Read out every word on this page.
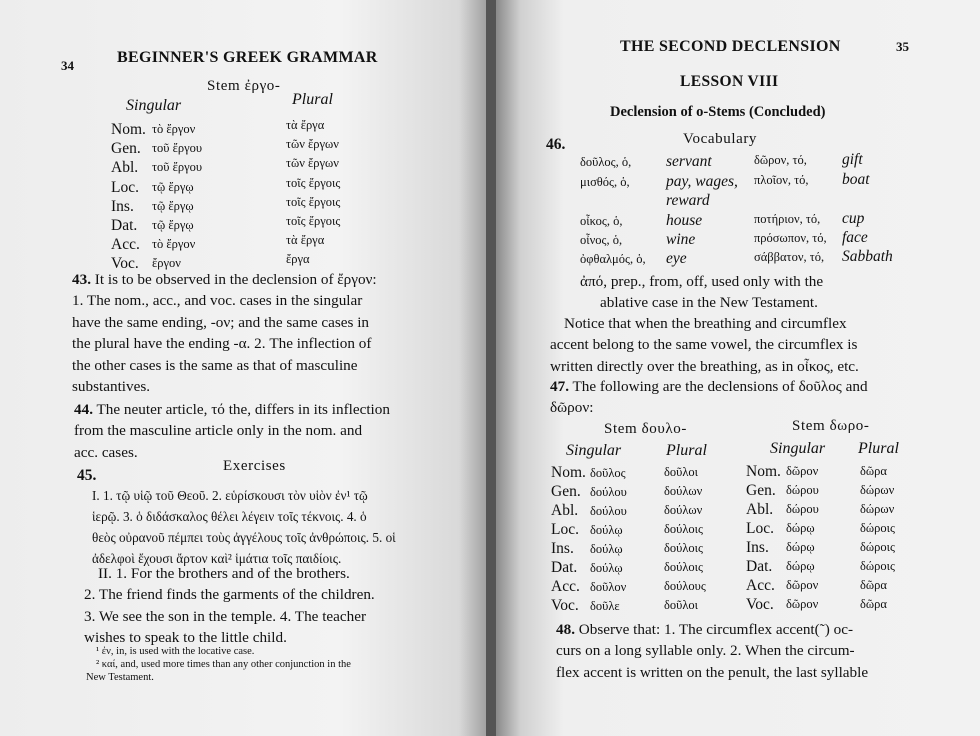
34	BEGINNER'S GREEK GRAMMAR
Stem ἐργο-
Singular	Plural
Nom. τὸ ἔργον	τὰ ἔργα
Gen. τοῦ ἔργου	τῶν ἔργων
Abl. τοῦ ἔργου	τῶν ἔργων
Loc. τῷ ἔργῳ	τοῖς ἔργοις
Ins. τῷ ἔργῳ	τοῖς ἔργοις
Dat. τῷ ἔργῳ	τοῖς ἔργοις
Acc. τὸ ἔργον	τὰ ἔργα
Voc. ἔργον	ἔργα
43. It is to be observed in the declension of ἔργον:
1. The nom., acc., and voc. cases in the singular
have the same ending, -ον; and the same cases in
the plural have the ending -α. 2. The inflection of
the other cases is the same as that of masculine
substantives.
44. The neuter article, τό the, differs in its inflection
from the masculine article only in the nom. and
acc. cases.
45.
Exercises
I. 1. τῷ υἱῷ τοῦ Θεοῦ. 2. εὑρίσκουσι τὸν υἱὸν ἐν¹ τῷ
ἱερῷ. 3. ὁ διδάσκαλος θέλει λέγειν τοῖς τέκνοις. 4. ὁ
θεὸς οὐρανοῦ πέμπει τοὺς ἀγγέλους τοῖς ἀνθρώποις. 5. οἱ
ἀδελφοὶ ἔχουσι ἄρτον καὶ² ἱμάτια τοῖς παιδίοις.
II. 1. For the brothers and of the brothers.
2. The friend finds the garments of the children.
3. We see the son in the temple. 4. The teacher
wishes to speak to the little child.
¹ ἐν, in, is used with the locative case.
² καί, and, used more times than any other conjunction in the
New Testament.
THE SECOND DECLENSION	35
LESSON VIII
Declension of o-Stems (Concluded)
46.	Vocabulary
δοῦλος, ὁ, servant	δῶρον, τό, gift
μισθός, ὁ, pay, wages, πλοῖον, τό, boat
reward
οἶκος, ὁ,	house	ποτήριον, τό, cup
οἶνος, ὁ,	wine	πρόσωπον, τό, face
ὀφθαλμός, ὁ, eye	σάββατον, τό, Sabbath
ἀπό, prep., from, off, used only with the
ablative case in the New Testament.
Notice that when the breathing and circumflex
accent belong to the same vowel, the circumflex is
written directly over the breathing, as in οἶκος, etc.
47. The following are the declensions of δοῦλος and
δῶρον:
Stem δουλο-	Stem δωρο-
Singular	Plural	Singular Plural
Nom. δοῦλος	δοῦλοι	Nom. δῶρον	δῶρα
Gen. δούλου	δούλων	Gen. δώρου	δώρων
Abl. δούλου	δούλων	Abl. δώρου	δώρων
Loc. δούλῳ	δούλοις	Loc. δώρῳ	δώροις
Ins. δούλῳ	δούλοις	Ins. δώρῳ	δώροις
Dat. δούλῳ	δούλοις	Dat. δώρῳ	δώροις
Acc. δοῦλον	δούλους	Acc. δῶρον	δῶρα
Voc. δοῦλε	δοῦλοι	Voc. δῶρον	δῶρα
48. Observe that: 1. The circumflex accent(῀) oc-
curs on a long syllable only. 2. When the circum-
flex accent is written on the penult, the last syllable
